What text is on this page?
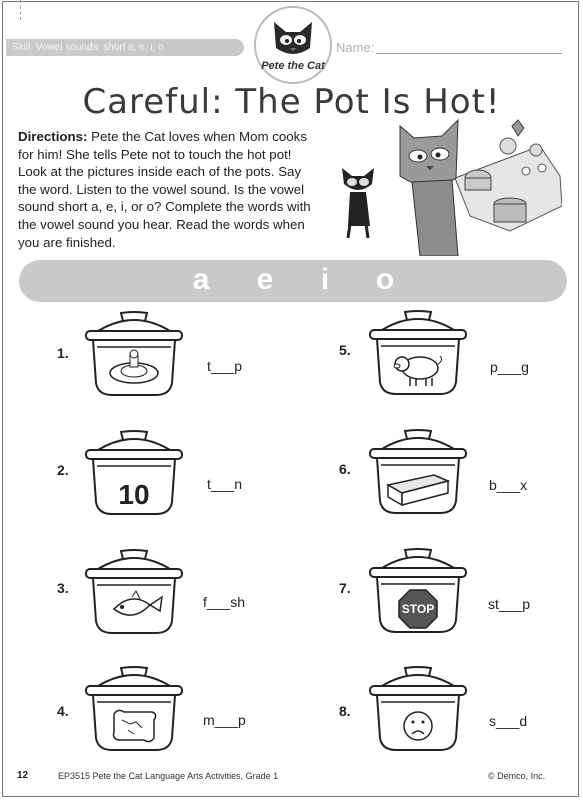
Skill: Vowel sounds: short a, e, i, o
Pete the Cat
Name:
Careful: The Pot Is Hot!
Directions: Pete the Cat loves when Mom cooks for him! She tells Pete not to touch the hot pot! Look at the pictures inside each of the pots. Say the word. Listen to the vowel sound. Is the vowel sound short a, e, i, or o? Complete the words with the vowel sound you hear. Read the words when you are finished.
a	e	i	o
1.
t___p
2.
10	t___n
3.
f___sh
4.
m___p
5.
p___g
6.
b___x
7.
STOP	st___p
8.
s___d
12	EP3515 Pete the Cat Language Arts Activities, Grade 1	© Demco, Inc.
